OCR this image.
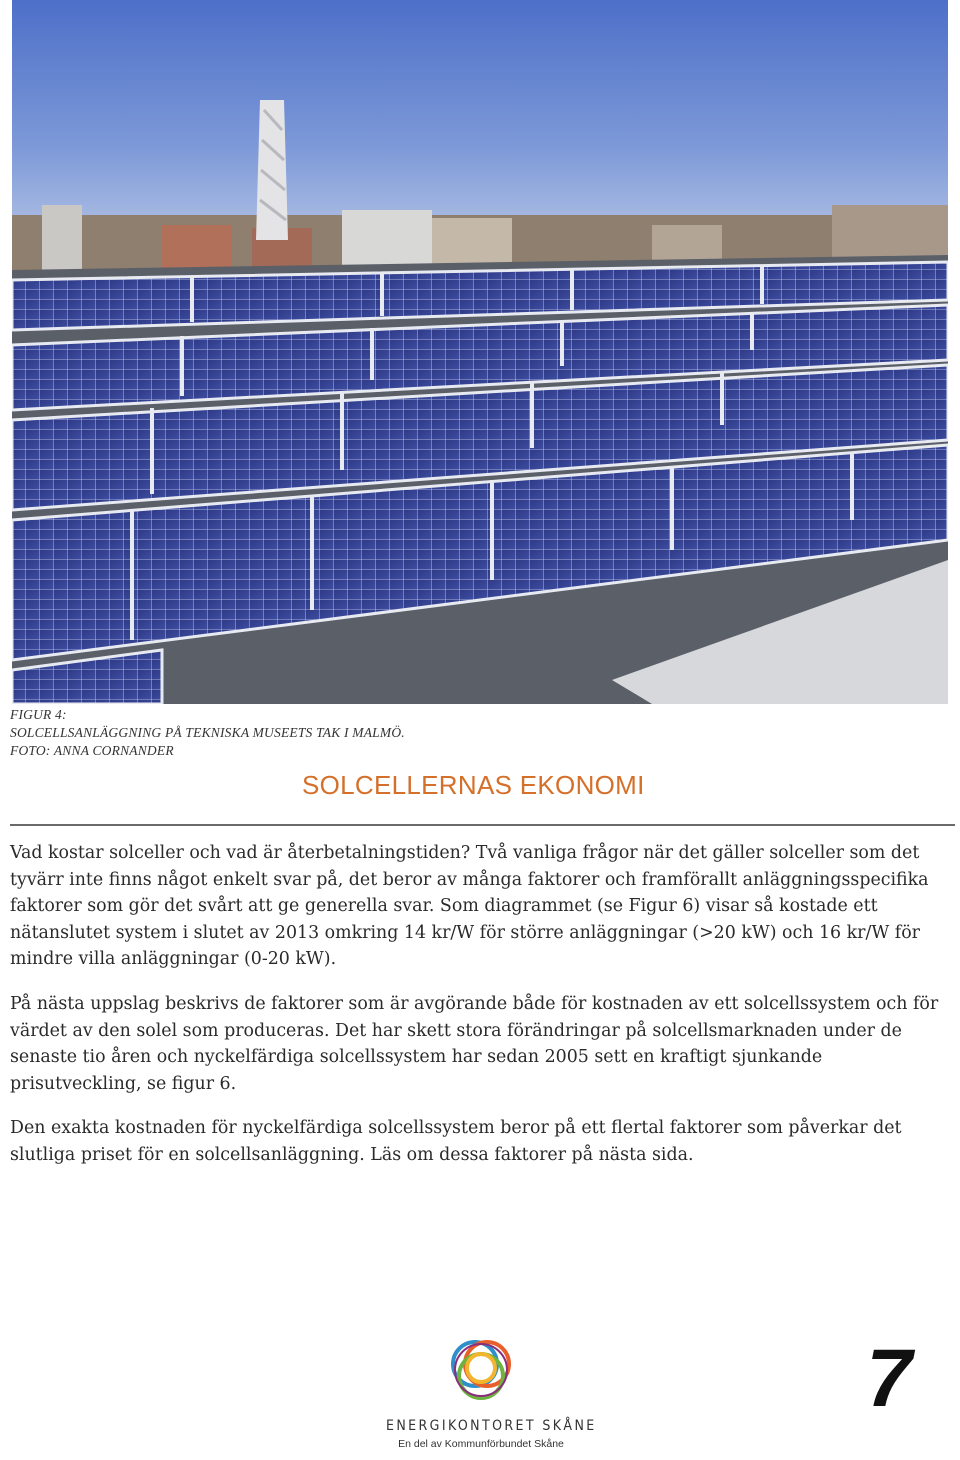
FIGUR 4:
SOLCELLSANLÄGGNING PÅ TEKNISKA MUSEETS TAK I MALMÖ.
FOTO: ANNA CORNANDER
SOLCELLERNAS EKONOMI

Vad kostar solceller och vad är återbetalningstiden? Två vanliga frågor när det gäller solceller som det tyvärr inte finns något enkelt svar på, det beror av många faktorer och framförallt anläggningsspecifika faktorer som gör det svårt att ge generella svar. Som diagrammet (se Figur 6) visar så kostade ett nätanslutet system i slutet av 2013 omkring 14 kr/W för större anläggningar (>20 kW) och 16 kr/W för mindre villa anläggningar (0-20 kW).

På nästa uppslag beskrivs de faktorer som är avgörande både för kostnaden av ett solcellssystem och för värdet av den solel som produceras. Det har skett stora förändringar på solcellsmarknaden under de senaste tio åren och nyckelfärdiga solcellssystem har sedan 2005 sett en kraftigt sjunkande prisutveckling, se figur 6.

Den exakta kostnaden för nyckelfärdiga solcellssystem beror på ett flertal faktorer som påverkar det slutliga priset för en solcellsanläggning. Läs om dessa faktorer på nästa sida.

ENERGIKONTORET SKÅNE
En del av Kommunförbundet Skåne
7
